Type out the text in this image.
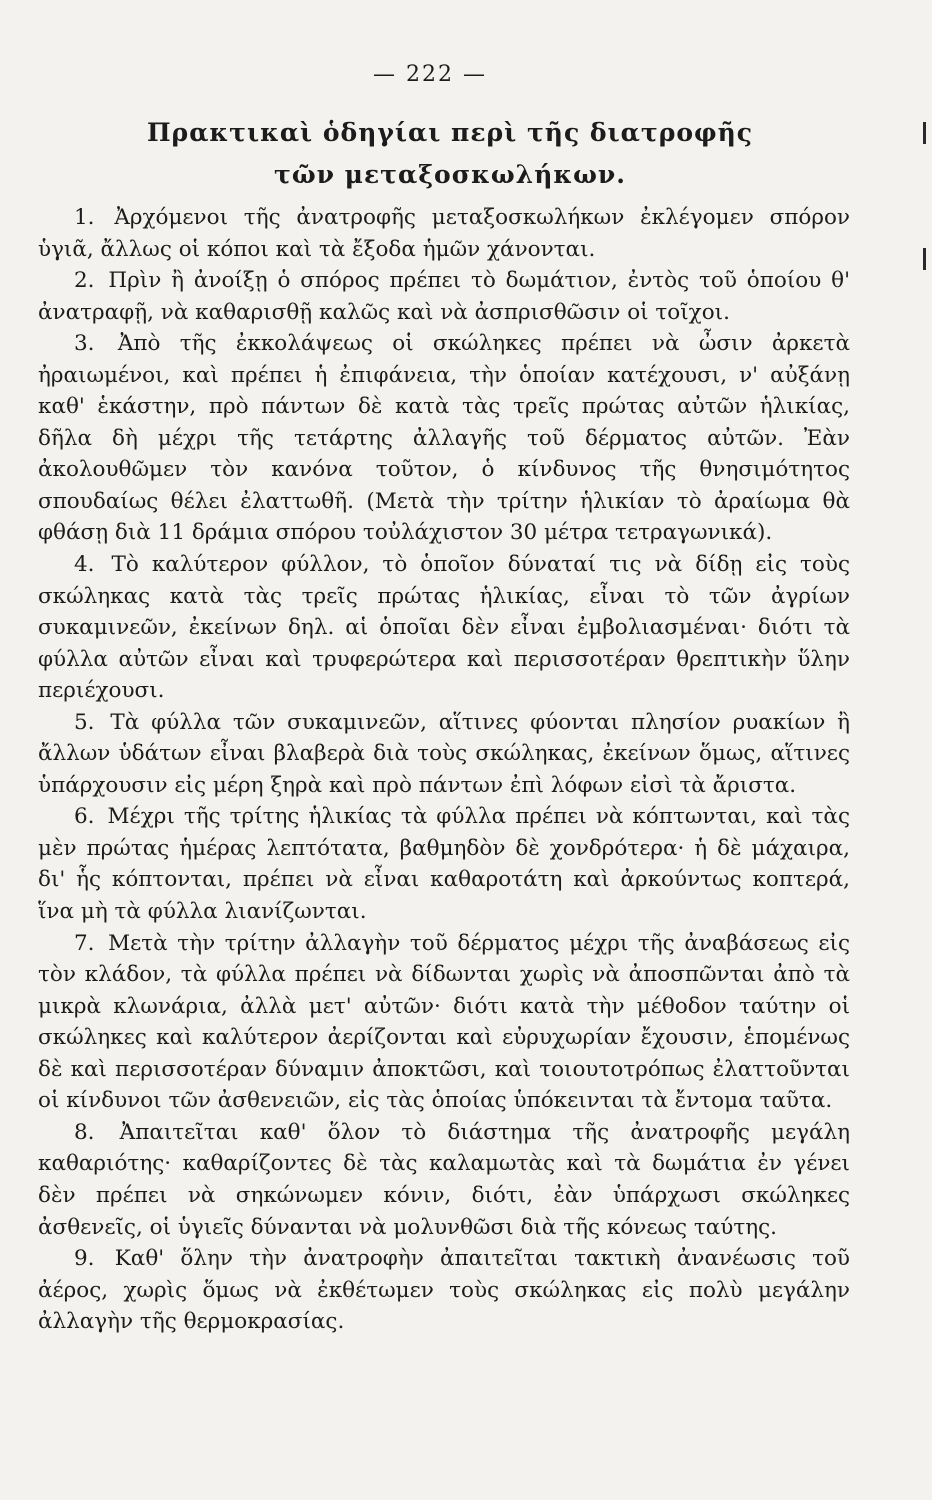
— 222 —
Πρακτικαὶ ὁδηγίαι περὶ τῆς διατροφῆς
τῶν μεταξοσκωλήκων.

1. Ἀρχόμενοι τῆς ἀνατροφῆς μεταξοσκωλήκων ἐκλέγομεν σπόρον ὑγιᾶ, ἄλλως οἱ κόποι καὶ τὰ ἔξοδα ἡμῶν χάνονται.

2. Πρὶν ἢ ἀνοίξῃ ὁ σπόρος πρέπει τὸ δωμάτιον, ἐντὸς τοῦ ὁποίου θ' ἀνατραφῇ, νὰ καθαρισθῇ καλῶς καὶ νὰ ἀσπρισθῶσιν οἱ τοῖχοι.

3. Ἀπὸ τῆς ἐκκολάψεως οἱ σκώληκες πρέπει νὰ ὦσιν ἀρκετὰ ἠραιωμένοι, καὶ πρέπει ἡ ἐπιφάνεια, τὴν ὁποίαν κατέχουσι, ν' αὐξάνῃ καθ' ἑκάστην, πρὸ πάντων δὲ κατὰ τὰς τρεῖς πρώτας αὐτῶν ἡλικίας, δῆλα δὴ μέχρι τῆς τετάρτης ἀλλαγῆς τοῦ δέρματος αὐτῶν. Ἐὰν ἀκολουθῶμεν τὸν κανόνα τοῦτον, ὁ κίνδυνος τῆς θνησιμότητος σπουδαίως θέλει ἐλαττωθῆ. (Μετὰ τὴν τρίτην ἡλικίαν τὸ ἀραίωμα θὰ φθάσῃ διὰ 11 δράμια σπόρου τοὐλάχιστον 30 μέτρα τετραγωνικά).

4. Τὸ καλύτερον φύλλον, τὸ ὁποῖον δύναταί τις νὰ δίδῃ εἰς τοὺς σκώληκας κατὰ τὰς τρεῖς πρώτας ἡλικίας, εἶναι τὸ τῶν ἀγρίων συκαμινεῶν, ἐκείνων δηλ. αἱ ὁποῖαι δὲν εἶναι ἐμβολιασμέναι· διότι τὰ φύλλα αὐτῶν εἶναι καὶ τρυφερώτερα καὶ περισσοτέραν θρεπτικὴν ὕλην περιέχουσι.

5. Τὰ φύλλα τῶν συκαμινεῶν, αἵτινες φύονται πλησίον ρυακίων ἢ ἄλλων ὑδάτων εἶναι βλαβερὰ διὰ τοὺς σκώληκας, ἐκείνων ὅμως, αἵτινες ὑπάρχουσιν εἰς μέρη ξηρὰ καὶ πρὸ πάντων ἐπὶ λόφων εἰσὶ τὰ ἄριστα.

6. Μέχρι τῆς τρίτης ἡλικίας τὰ φύλλα πρέπει νὰ κόπτωνται, καὶ τὰς μὲν πρώτας ἡμέρας λεπτότατα, βαθμηδὸν δὲ χονδρότερα· ἡ δὲ μάχαιρα, δι' ἧς κόπτονται, πρέπει νὰ εἶναι καθαροτάτη καὶ ἀρκούντως κοπτερά, ἵνα μὴ τὰ φύλλα λιανίζωνται.

7. Μετὰ τὴν τρίτην ἀλλαγὴν τοῦ δέρματος μέχρι τῆς ἀναβάσεως εἰς τὸν κλάδον, τὰ φύλλα πρέπει νὰ δίδωνται χωρὶς νὰ ἀποσπῶνται ἀπὸ τὰ μικρὰ κλωνάρια, ἀλλὰ μετ' αὐτῶν· διότι κατὰ τὴν μέθοδον ταύτην οἱ σκώληκες καὶ καλύτερον ἀερίζονται καὶ εὐρυχωρίαν ἔχουσιν, ἑπομένως δὲ καὶ περισσοτέραν δύναμιν ἀποκτῶσι, καὶ τοιουτοτρόπως ἐλαττοῦνται οἱ κίνδυνοι τῶν ἀσθενειῶν, εἰς τὰς ὁποίας ὑπόκεινται τὰ ἔντομα ταῦτα.

8. Ἀπαιτεῖται καθ' ὅλον τὸ διάστημα τῆς ἀνατροφῆς μεγάλη καθαριότης· καθαρίζοντες δὲ τὰς καλαμωτὰς καὶ τὰ δωμάτια ἐν γένει δὲν πρέπει νὰ σηκώνωμεν κόνιν, διότι, ἐὰν ὑπάρχωσι σκώληκες ἀσθενεῖς, οἱ ὑγιεῖς δύνανται νὰ μολυνθῶσι διὰ τῆς κόνεως ταύτης.

9. Καθ' ὅλην τὴν ἀνατροφὴν ἀπαιτεῖται τακτικὴ ἀνανέωσις τοῦ ἀέρος, χωρὶς ὅμως νὰ ἐκθέτωμεν τοὺς σκώληκας εἰς πολὺ μεγάλην ἀλλαγὴν τῆς θερμοκρασίας.
